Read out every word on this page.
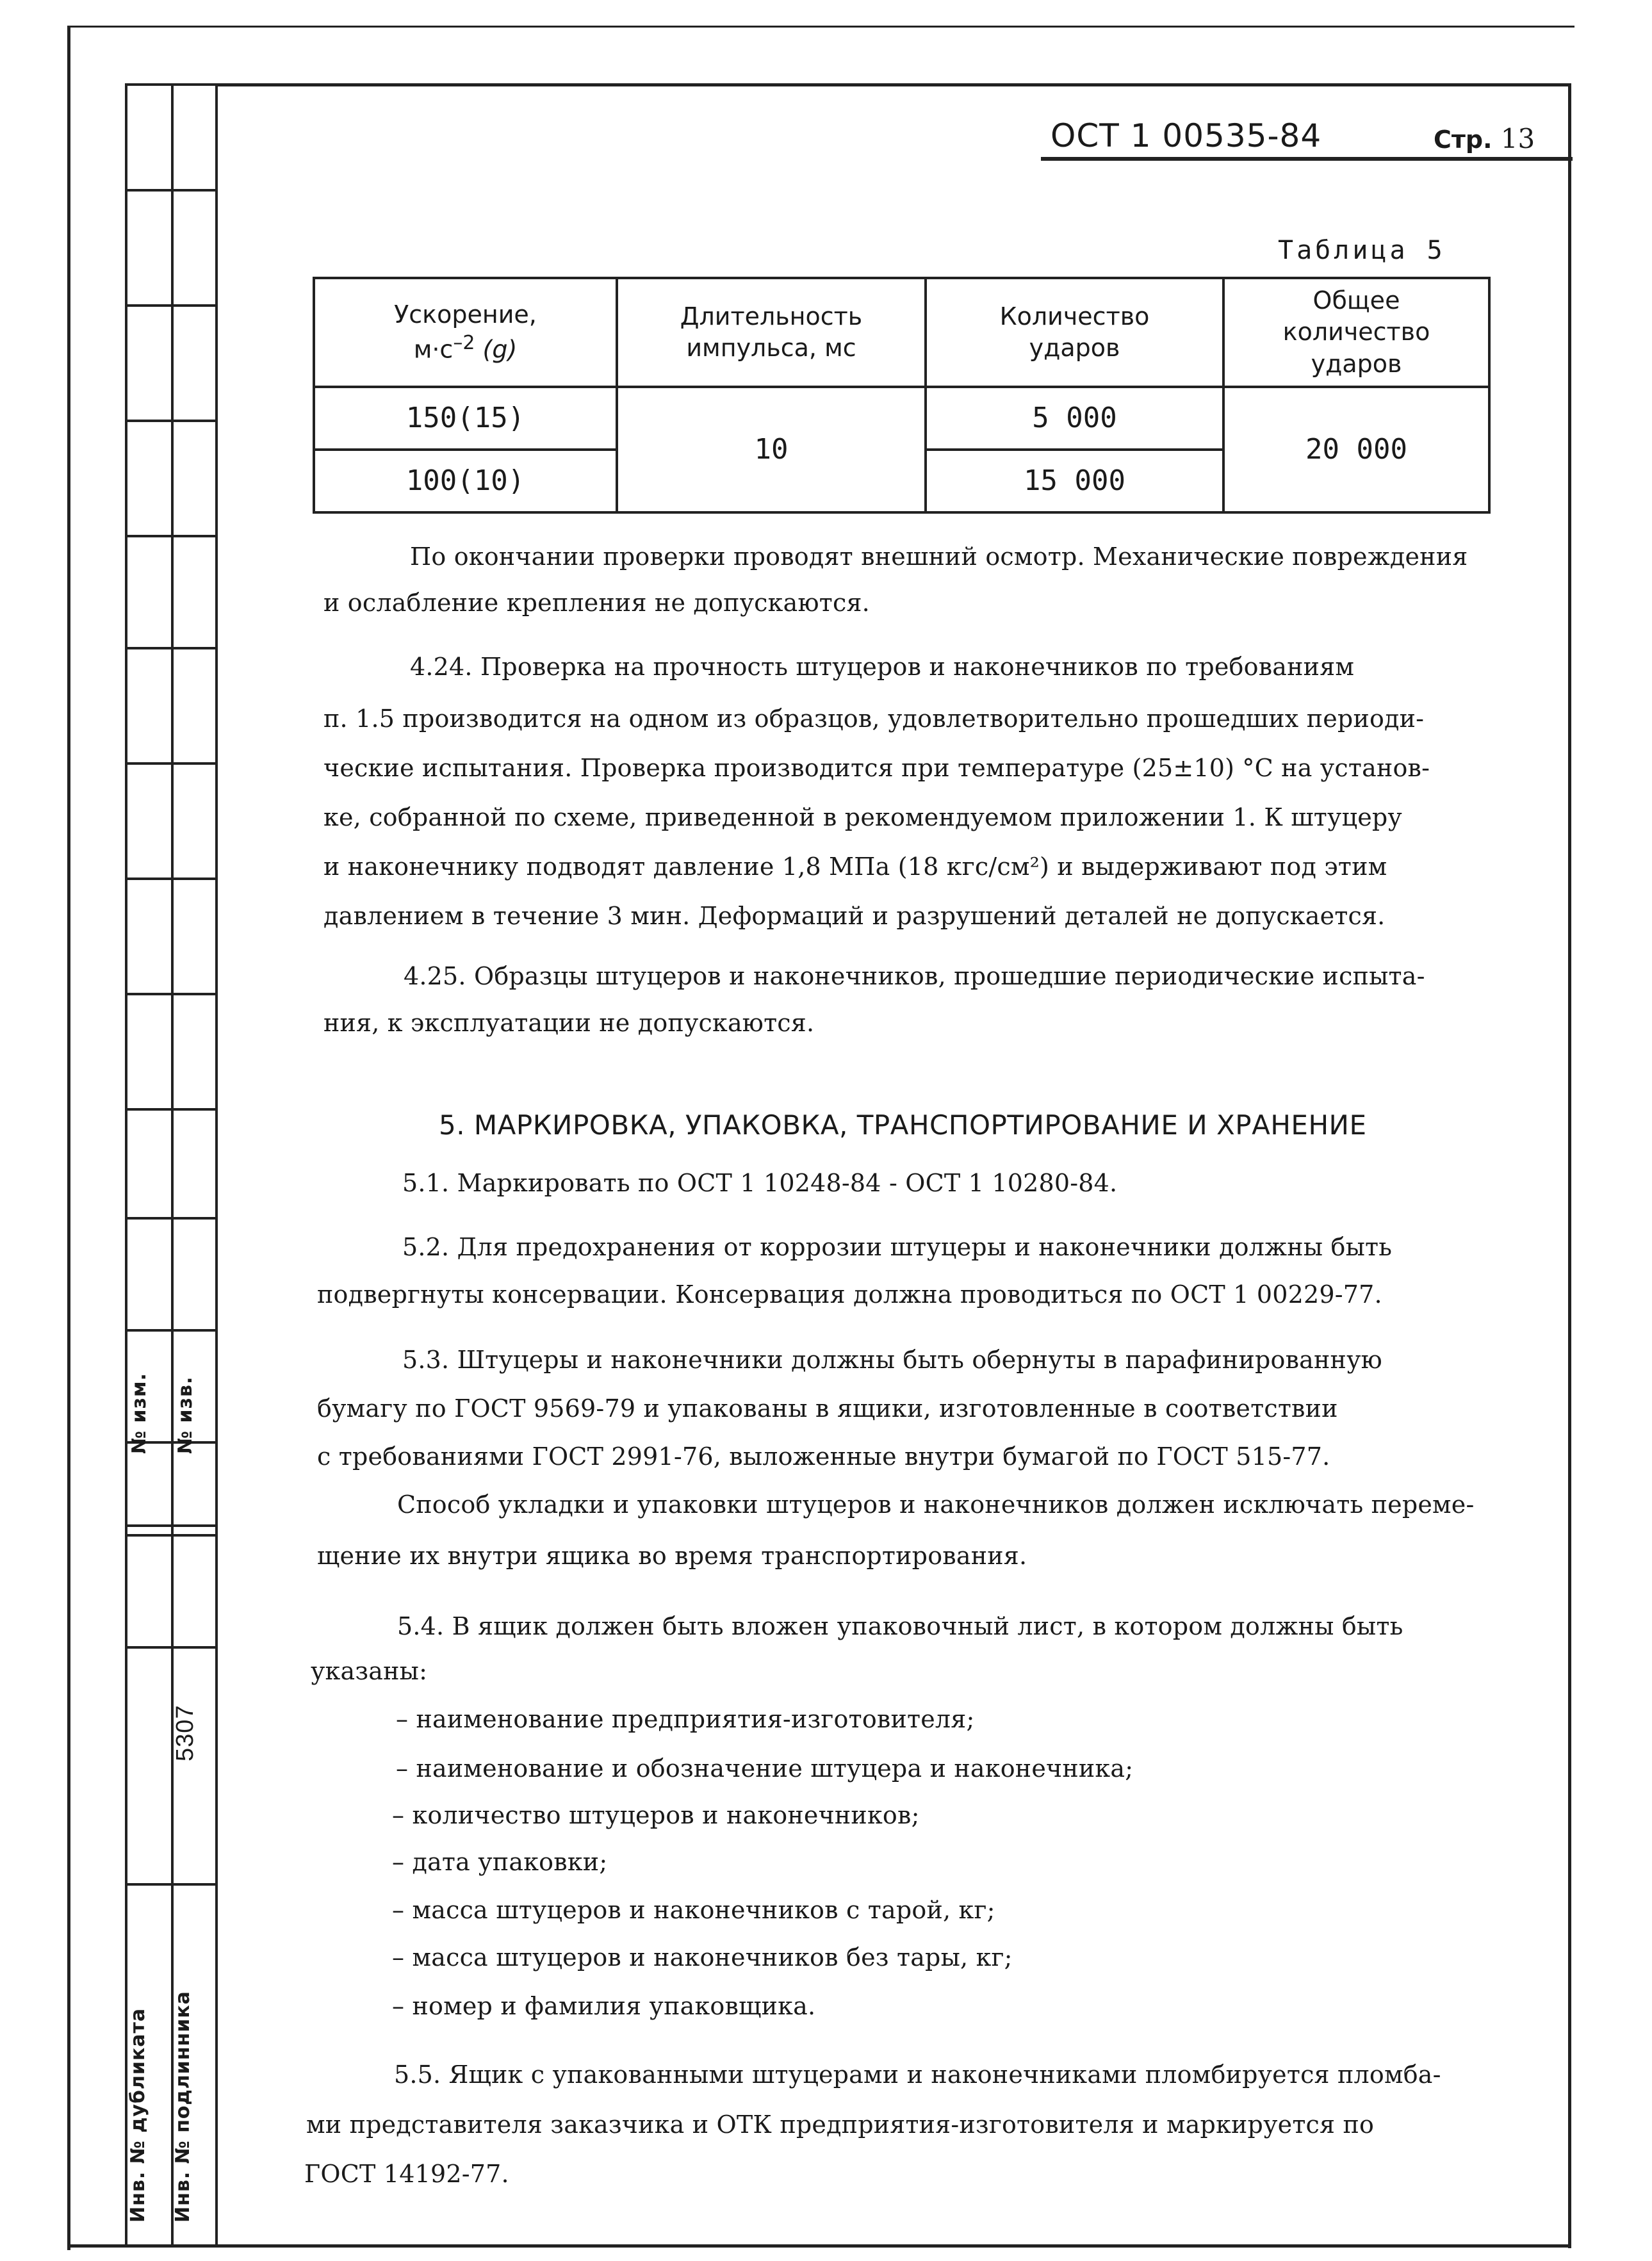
№ изм. № изв.
5307
Инв. № дубликата Инв. № подлинника
ОСТ 1 00535-84	Стр. 13
Таблица 5
Ускорение,
$м\cdot с^{-2}$ (g)	Длительность импульса, мс	Количество ударов	Общее количество ударов

150(15)	10	5 000	20 000
100(10)		15 000	
По окончании проверки проводят внешний осмотр. Механические повреждения
и ослабление крепления не допускаются.
4.24. Проверка на прочность штуцеров и наконечников по требованиям
п. 1.5 производится на одном из образцов, удовлетворительно прошедших периоди-
ческие испытания. Проверка производится при температуре (25±10) °С на установ-
ке, собранной по схеме, приведенной в рекомендуемом приложении 1. К штуцеру
и наконечнику подводят давление 1,8 МПа (18 кгс/см²) и выдерживают под этим
давлением в течение 3 мин. Деформаций и разрушений деталей не допускается.
4.25. Образцы штуцеров и наконечников, прошедшие периодические испыта-
ния, к эксплуатации не допускаются.
5. МАРКИРОВКА, УПАКОВКА, ТРАНСПОРТИРОВАНИЕ И ХРАНЕНИЕ
5.1. Маркировать по ОСТ 1 10248-84 - ОСТ 1 10280-84.
5.2. Для предохранения от коррозии штуцеры и наконечники должны быть
подвергнуты консервации. Консервация должна проводиться по ОСТ 1 00229-77.
5.3. Штуцеры и наконечники должны быть обернуты в парафинированную
бумагу по ГОСТ 9569-79 и упакованы в ящики, изготовленные в соответствии
с требованиями ГОСТ 2991-76, выложенные внутри бумагой по ГОСТ 515-77.
Способ укладки и упаковки штуцеров и наконечников должен исключать переме-
щение их внутри ящика во время транспортирования.
5.4. В ящик должен быть вложен упаковочный лист, в котором должны быть
указаны:
– наименование предприятия-изготовителя;
– наименование и обозначение штуцера и наконечника;
– количество штуцеров и наконечников;
– дата упаковки;
– масса штуцеров и наконечников с тарой, кг;
– масса штуцеров и наконечников без тары, кг;
– номер и фамилия упаковщика.
5.5. Ящик с упакованными штуцерами и наконечниками пломбируется пломба-
ми представителя заказчика и ОТК предприятия-изготовителя и маркируется по
ГОСТ 14192-77.
